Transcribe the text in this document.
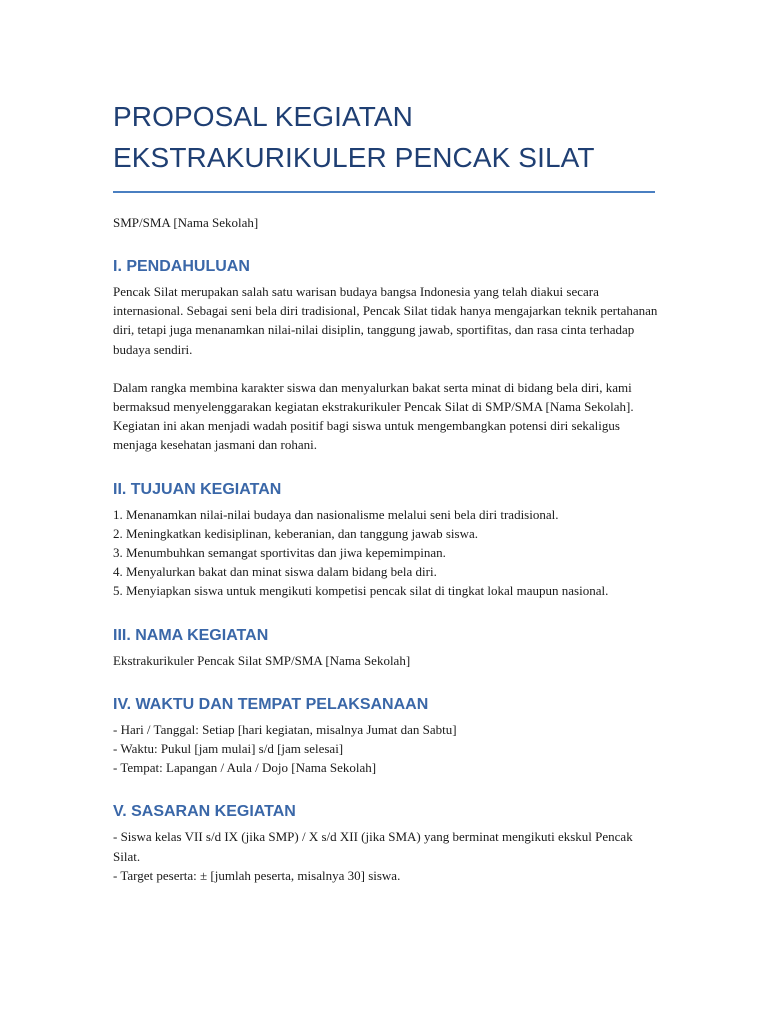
PROPOSAL KEGIATAN
EKSTRAKURIKULER PENCAK SILAT
SMP/SMA [Nama Sekolah]
I. PENDAHULUAN

Pencak Silat merupakan salah satu warisan budaya bangsa Indonesia yang telah diakui secara internasional. Sebagai seni bela diri tradisional, Pencak Silat tidak hanya mengajarkan teknik pertahanan diri, tetapi juga menanamkan nilai-nilai disiplin, tanggung jawab, sportifitas, dan rasa cinta terhadap budaya sendiri.

Dalam rangka membina karakter siswa dan menyalurkan bakat serta minat di bidang bela diri, kami bermaksud menyelenggarakan kegiatan ekstrakurikuler Pencak Silat di SMP/SMA [Nama Sekolah]. Kegiatan ini akan menjadi wadah positif bagi siswa untuk mengembangkan potensi diri sekaligus menjaga kesehatan jasmani dan rohani.

II. TUJUAN KEGIATAN

1. Menanamkan nilai-nilai budaya dan nasionalisme melalui seni bela diri tradisional.

2. Meningkatkan kedisiplinan, keberanian, dan tanggung jawab siswa.

3. Menumbuhkan semangat sportivitas dan jiwa kepemimpinan.

4. Menyalurkan bakat dan minat siswa dalam bidang bela diri.

5. Menyiapkan siswa untuk mengikuti kompetisi pencak silat di tingkat lokal maupun nasional.

III. NAMA KEGIATAN

Ekstrakurikuler Pencak Silat SMP/SMA [Nama Sekolah]

IV. WAKTU DAN TEMPAT PELAKSANAAN

- Hari / Tanggal: Setiap [hari kegiatan, misalnya Jumat dan Sabtu]

- Waktu: Pukul [jam mulai] s/d [jam selesai]

- Tempat: Lapangan / Aula / Dojo [Nama Sekolah]

V. SASARAN KEGIATAN

- Siswa kelas VII s/d IX (jika SMP) / X s/d XII (jika SMA) yang berminat mengikuti ekskul Pencak Silat.

- Target peserta: ± [jumlah peserta, misalnya 30] siswa.
